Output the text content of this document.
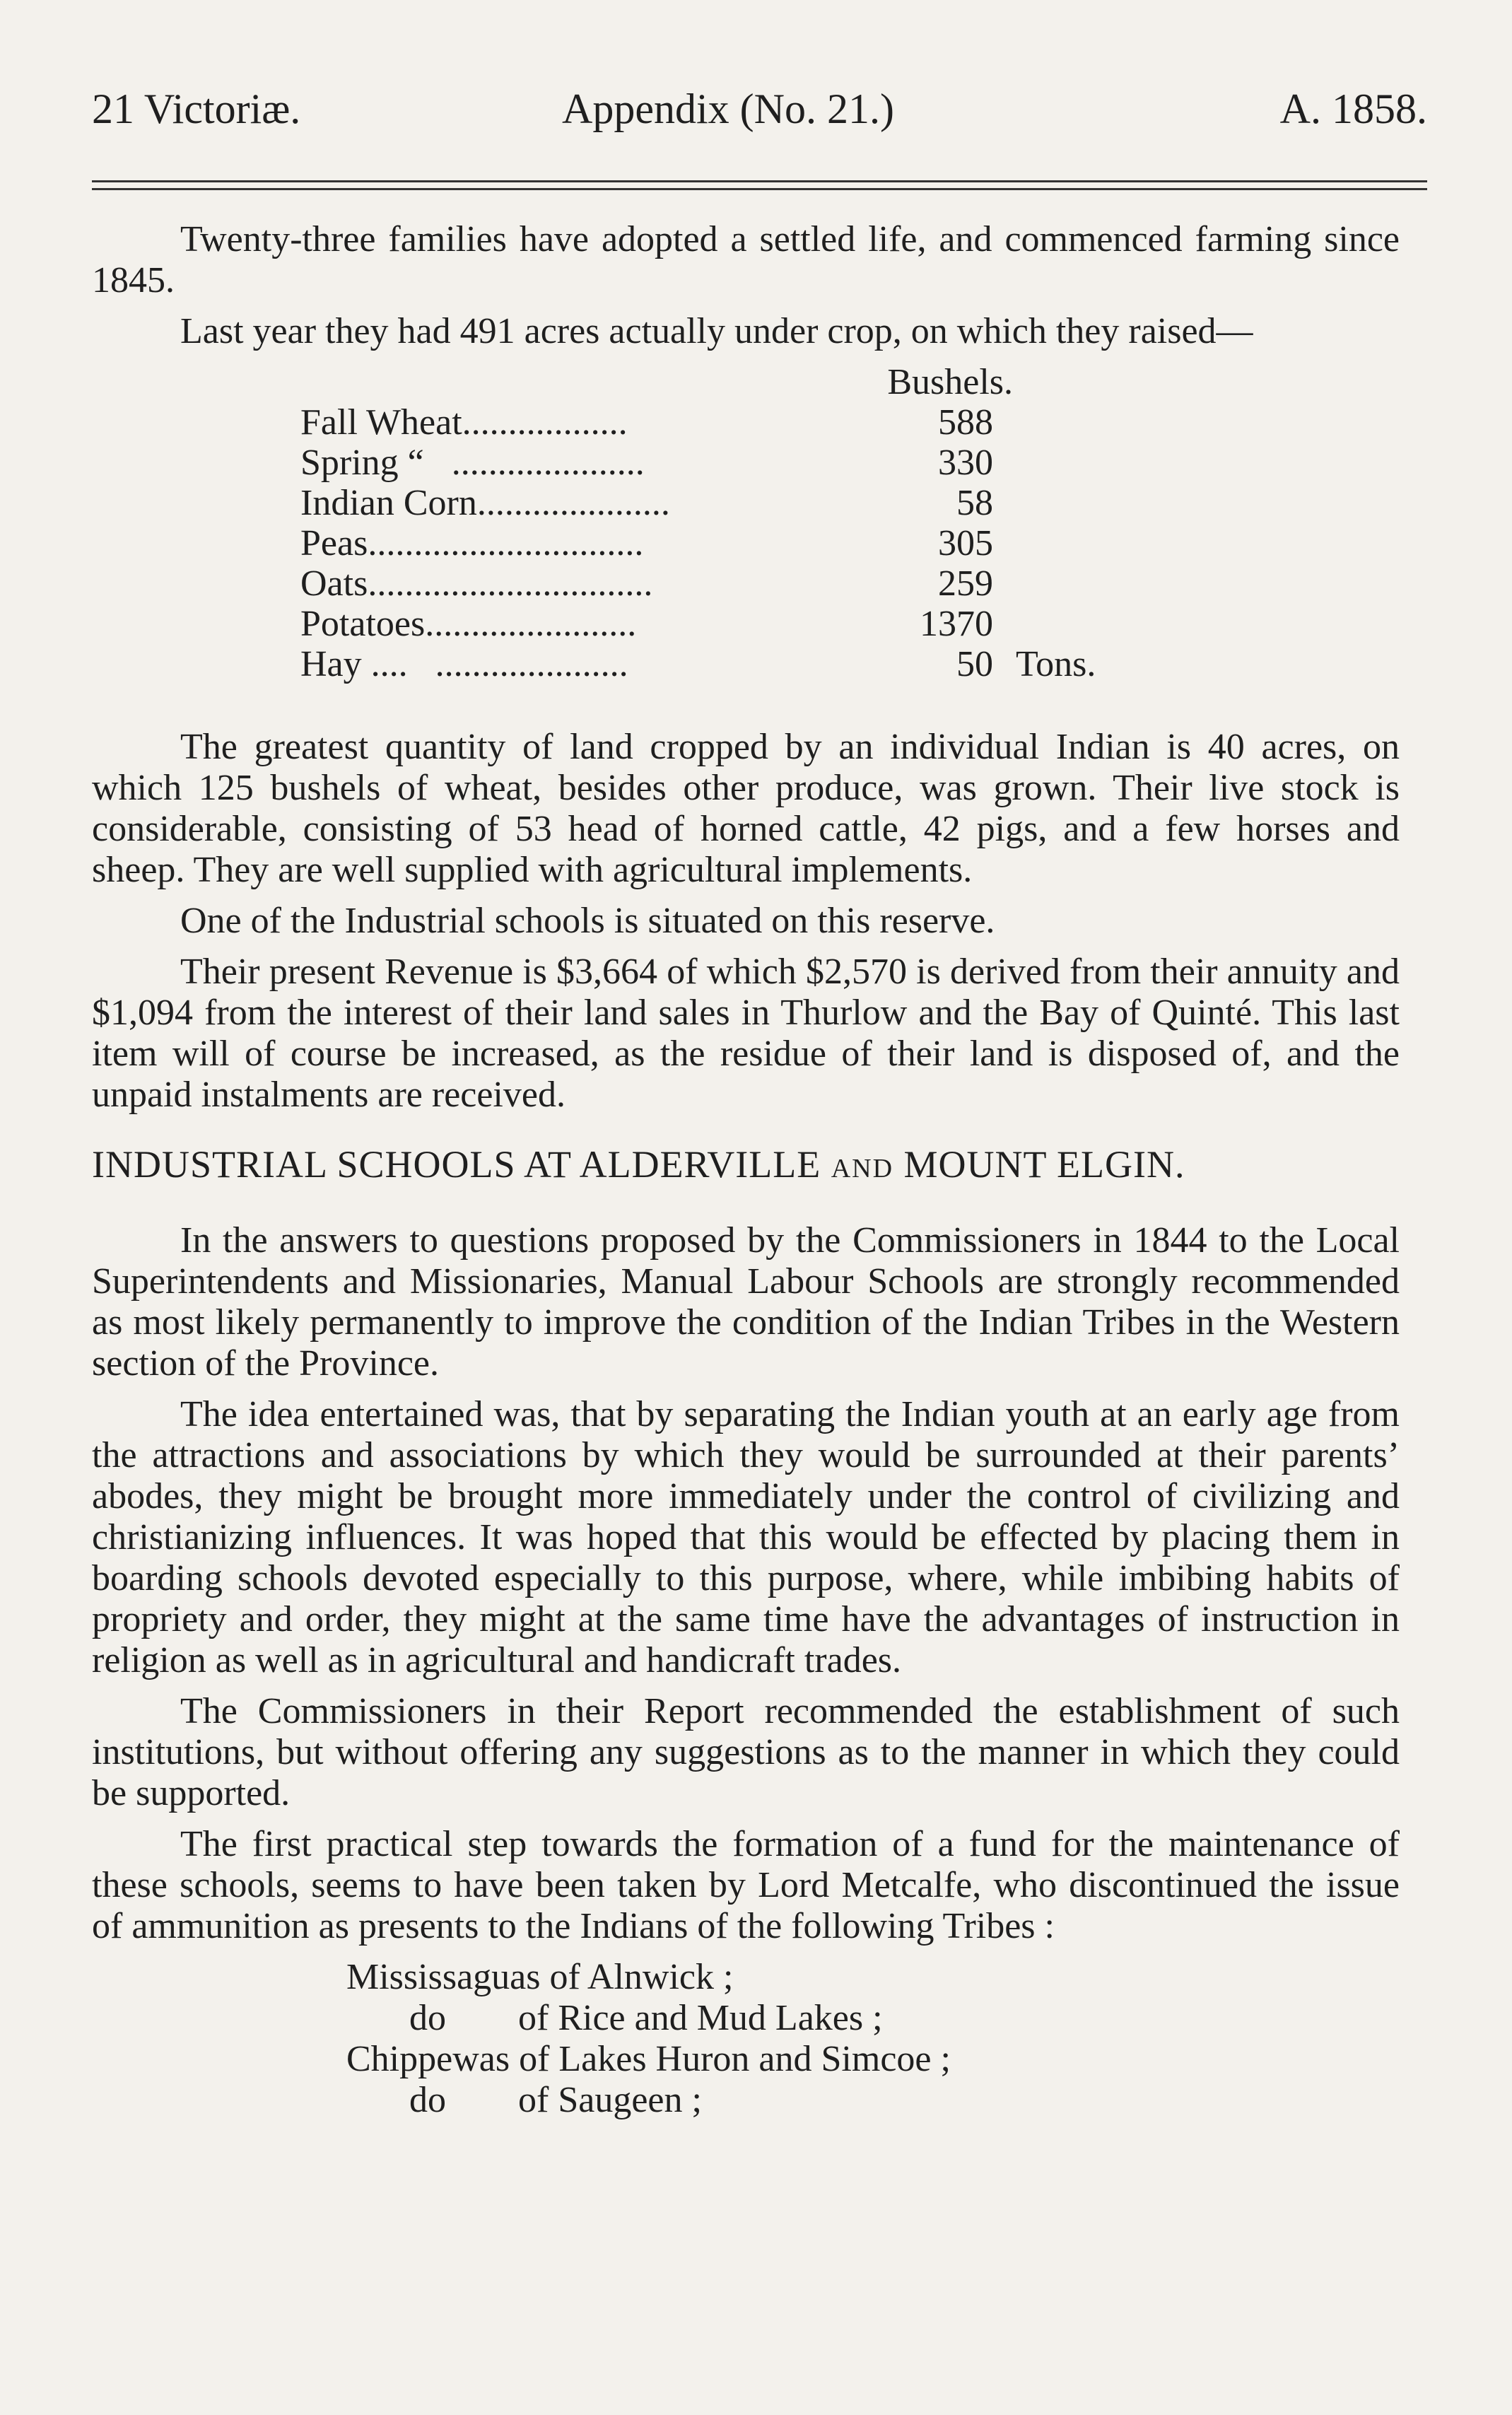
21 Victoriæ.	Appendix (No. 21.)	A. 1858.

Twenty-three families have adopted a settled life, and commenced farming since 1845.

Last year they had 491 acres actually under crop, on which they raised—

	Bushels.	
Fall Wheat..................	588	
Spring “   .....................	330	
Indian Corn.....................	58	
Peas..............................	305	
Oats...............................	259	
Potatoes.......................	1370	
Hay ....   .....................	50	Tons.

The greatest quantity of land cropped by an individual Indian is 40 acres, on which 125 bushels of wheat, besides other produce, was grown. Their live stock is considerable, consisting of 53 head of horned cattle, 42 pigs, and a few horses and sheep. They are well supplied with agricultural implements.

One of the Industrial schools is situated on this reserve.

Their present Revenue is $3,664 of which $2,570 is derived from their annuity and $1,094 from the interest of their land sales in Thurlow and the Bay of Quinté. This last item will of course be increased, as the residue of their land is disposed of, and the unpaid instalments are received.

INDUSTRIAL SCHOOLS AT ALDERVILLE AND MOUNT ELGIN.

In the answers to questions proposed by the Commissioners in 1844 to the Local Superintendents and Missionaries, Manual Labour Schools are strongly recommended as most likely permanently to improve the condition of the Indian Tribes in the Western section of the Province.

The idea entertained was, that by separating the Indian youth at an early age from the attractions and associations by which they would be surrounded at their parents’ abodes, they might be brought more immediately under the control of civilizing and christianizing influences. It was hoped that this would be effected by placing them in boarding schools devoted especially to this purpose, where, while imbibing habits of propriety and order, they might at the same time have the advantages of instruction in religion as well as in agricultural and handicraft trades.

The Commissioners in their Report recommended the establishment of such institutions, but without offering any suggestions as to the manner in which they could be supported.

The first practical step towards the formation of a fund for the maintenance of these schools, seems to have been taken by Lord Metcalfe, who discontinued the issue of ammunition as presents to the Indians of the following Tribes :

Mississaguas of Alnwick ;
do of Rice and Mud Lakes ;
Chippewas of Lakes Huron and Simcoe ;
do of Saugeen ;
